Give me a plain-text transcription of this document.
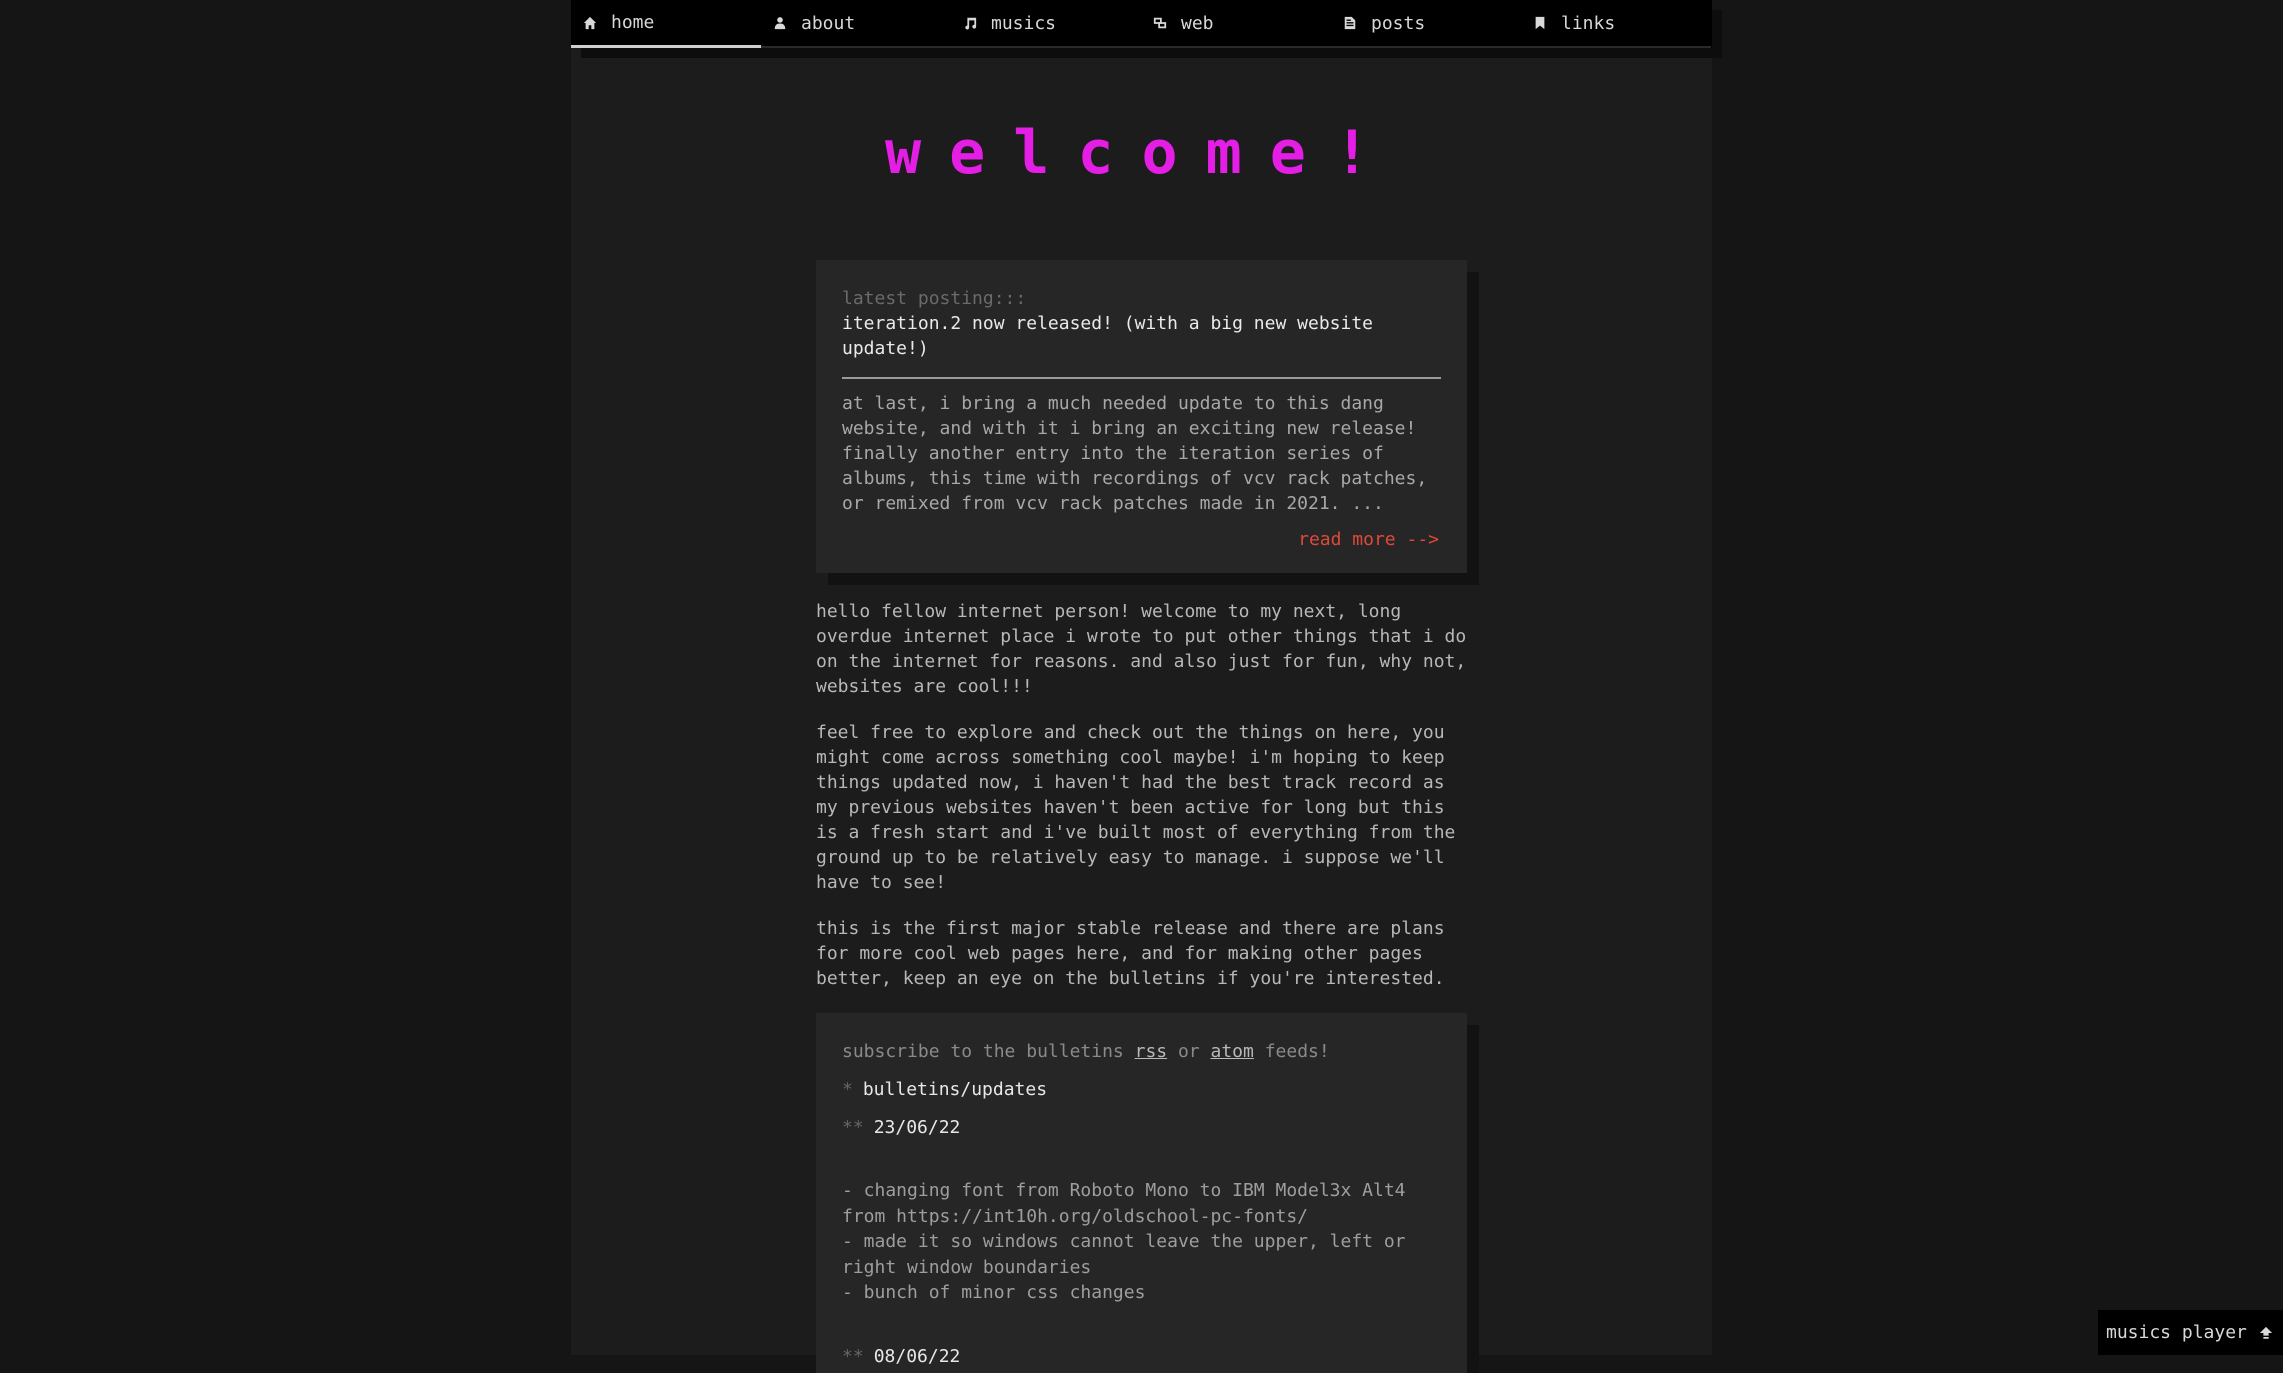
home	about	musics	web	posts	links
welcome!
latest posting:::
iteration.2 now released! (with a big new website update!)
at last, i bring a much needed update to this dang website, and with it i bring an exciting new release! finally another entry into the iteration series of albums, this time with recordings of vcv rack patches, or remixed from vcv rack patches made in 2021. ...
read more -->

hello fellow internet person! welcome to my next, long overdue internet place i wrote to put other things that i do on the internet for reasons. and also just for fun, why not, websites are cool!!!

feel free to explore and check out the things on here, you might come across something cool maybe! i'm hoping to keep things updated now, i haven't had the best track record as my previous websites haven't been active for long but this is a fresh start and i've built most of everything from the ground up to be relatively easy to manage. i suppose we'll have to see!

this is the first major stable release and there are plans for more cool web pages here, and for making other pages better, keep an eye on the bulletins if you're interested.

subscribe to the bulletins rss or atom feeds!
* bulletins/updates
** 23/06/22
- changing font from Roboto Mono to IBM Model3x Alt4 from https://int10h.org/oldschool-pc-fonts/
- made it so windows cannot leave the upper, left or right window boundaries
- bunch of minor css changes
** 08/06/22
musics player
